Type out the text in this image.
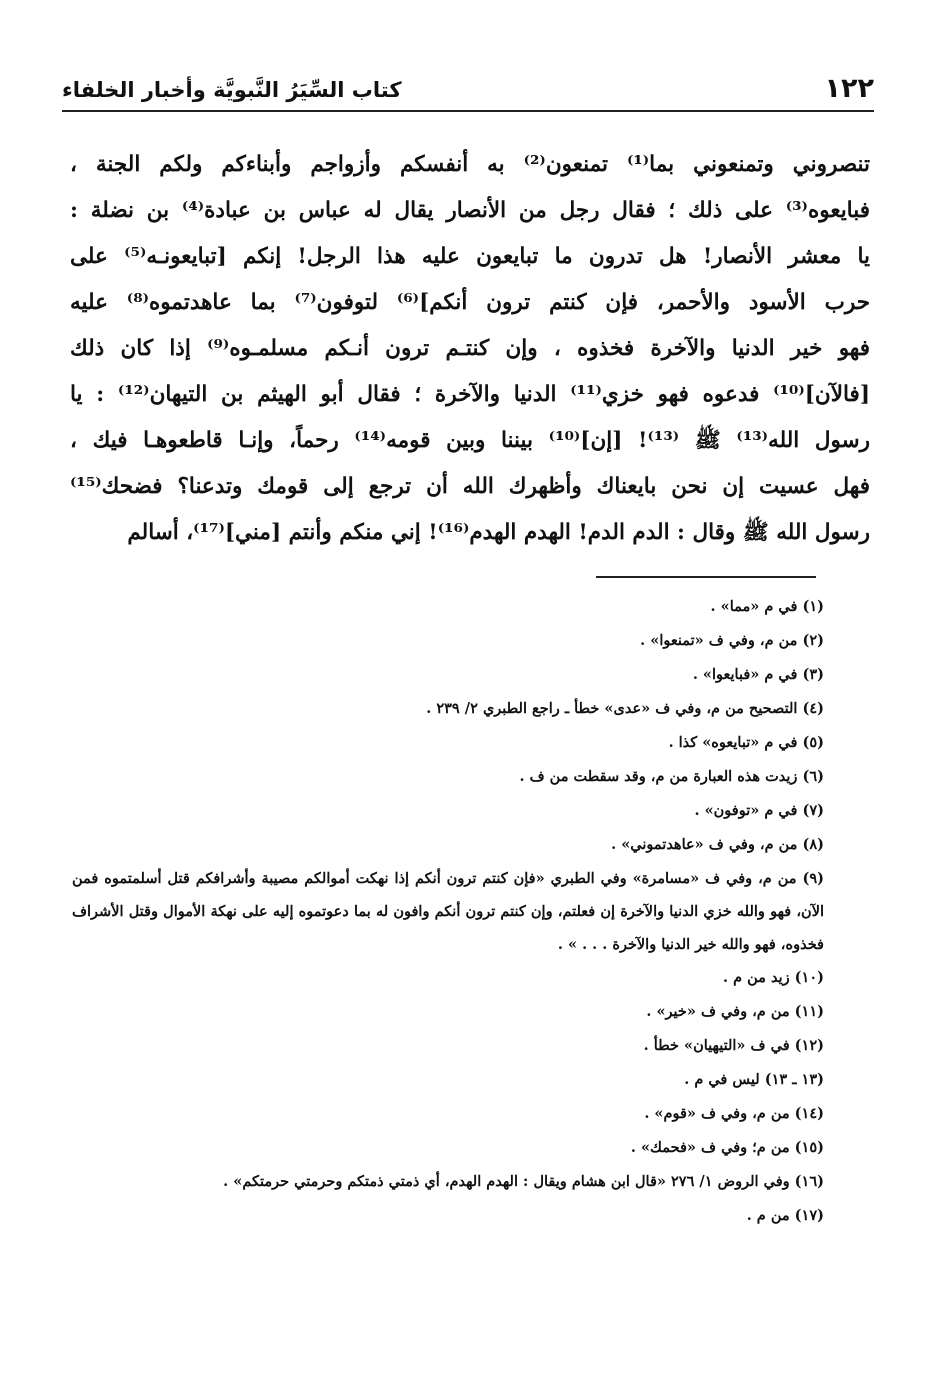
١٢٢
كتاب السِّيَرُ النَّبويَّة وأخبار الخلفاء
تنصروني وتمنعوني بما⁽¹⁾ تمنعون⁽²⁾ به أنفسكم وأزواجم وأبناءكم ولكم الجنة ،
فبايعوه⁽³⁾ على ذلك ؛ فقال رجل من الأنصار يقال له عباس بن عبادة⁽⁴⁾ بن نضلة :
يا معشر الأنصار! هل تدرون ما تبايعون عليه هذا الرجل! إنكم [تبايعونـه⁽⁵⁾ على
حرب الأسود والأحمر، فإن كنتم ترون أنكم]⁽⁶⁾ لتوفون⁽⁷⁾ بما عاهدتموه⁽⁸⁾ عليه
فهو خير الدنيا والآخرة فخذوه ، وإن كنتـم ترون أنـكم مسلمـوه⁽⁹⁾ إذا كان ذلك
[فالآن]⁽¹⁰⁾ فدعوه فهو خزي⁽¹¹⁾ الدنيا والآخرة ؛ فقال أبو الهيثم بن التيهان⁽¹²⁾ : يا
رسول الله⁽¹³⁾ ﷺ ⁽¹³⁾! [إن]⁽¹⁰⁾ بيننا وبين قومه⁽¹⁴⁾ رحماً، وإنـا قاطعوهـا فيك ،
فهل عسيت إن نحن بايعناك وأظهرك الله أن ترجع إلى قومك وتدعنا؟ فضحك⁽¹⁵⁾
رسول الله ﷺ وقال : الدم الدم! الهدم الهدم⁽¹⁶⁾! إني منكم وأنتم [مني]⁽¹⁷⁾، أسالم
(١) في م «مما» .
(٢) من م، وفي ف «تمنعوا» .
(٣) في م «فبايعوا» .
(٤) التصحيح من م، وفي ف «عدى» خطأ ـ راجع الطبري ٢/ ٢٣٩ .
(٥) في م «تبايعوه» كذا .
(٦) زيدت هذه العبارة من م، وقد سقطت من ف .
(٧) في م «توفون» .
(٨) من م، وفي ف «عاهدتموني» .
(٩) من م، وفي ف «مسامرة» وفي الطبري «فإن كنتم ترون أنكم إذا نهكت أموالكم مصيبة وأشرافكم قتل أسلمتموه فمن الآن، فهو والله خزي الدنيا والآخرة إن فعلتم، وإن كنتم ترون أنكم وافون له بما دعوتموه إليه على نهكة الأموال وقتل الأشراف فخذوه، فهو والله خير الدنيا والآخرة . . . » .
(١٠) زيد من م .
(١١) من م، وفي ف «خير» .
(١٢) في ف «التيهيان» خطأ .
(١٣ ـ ١٣) ليس في م .
(١٤) من م، وفي ف «قوم» .
(١٥) من م؛ وفي ف «فحمك» .
(١٦) وفي الروض ١/ ٢٧٦ «قال ابن هشام ويقال : الهدم الهدم، أي ذمتي ذمتكم وحرمتي حرمتكم» .
(١٧) من م .
